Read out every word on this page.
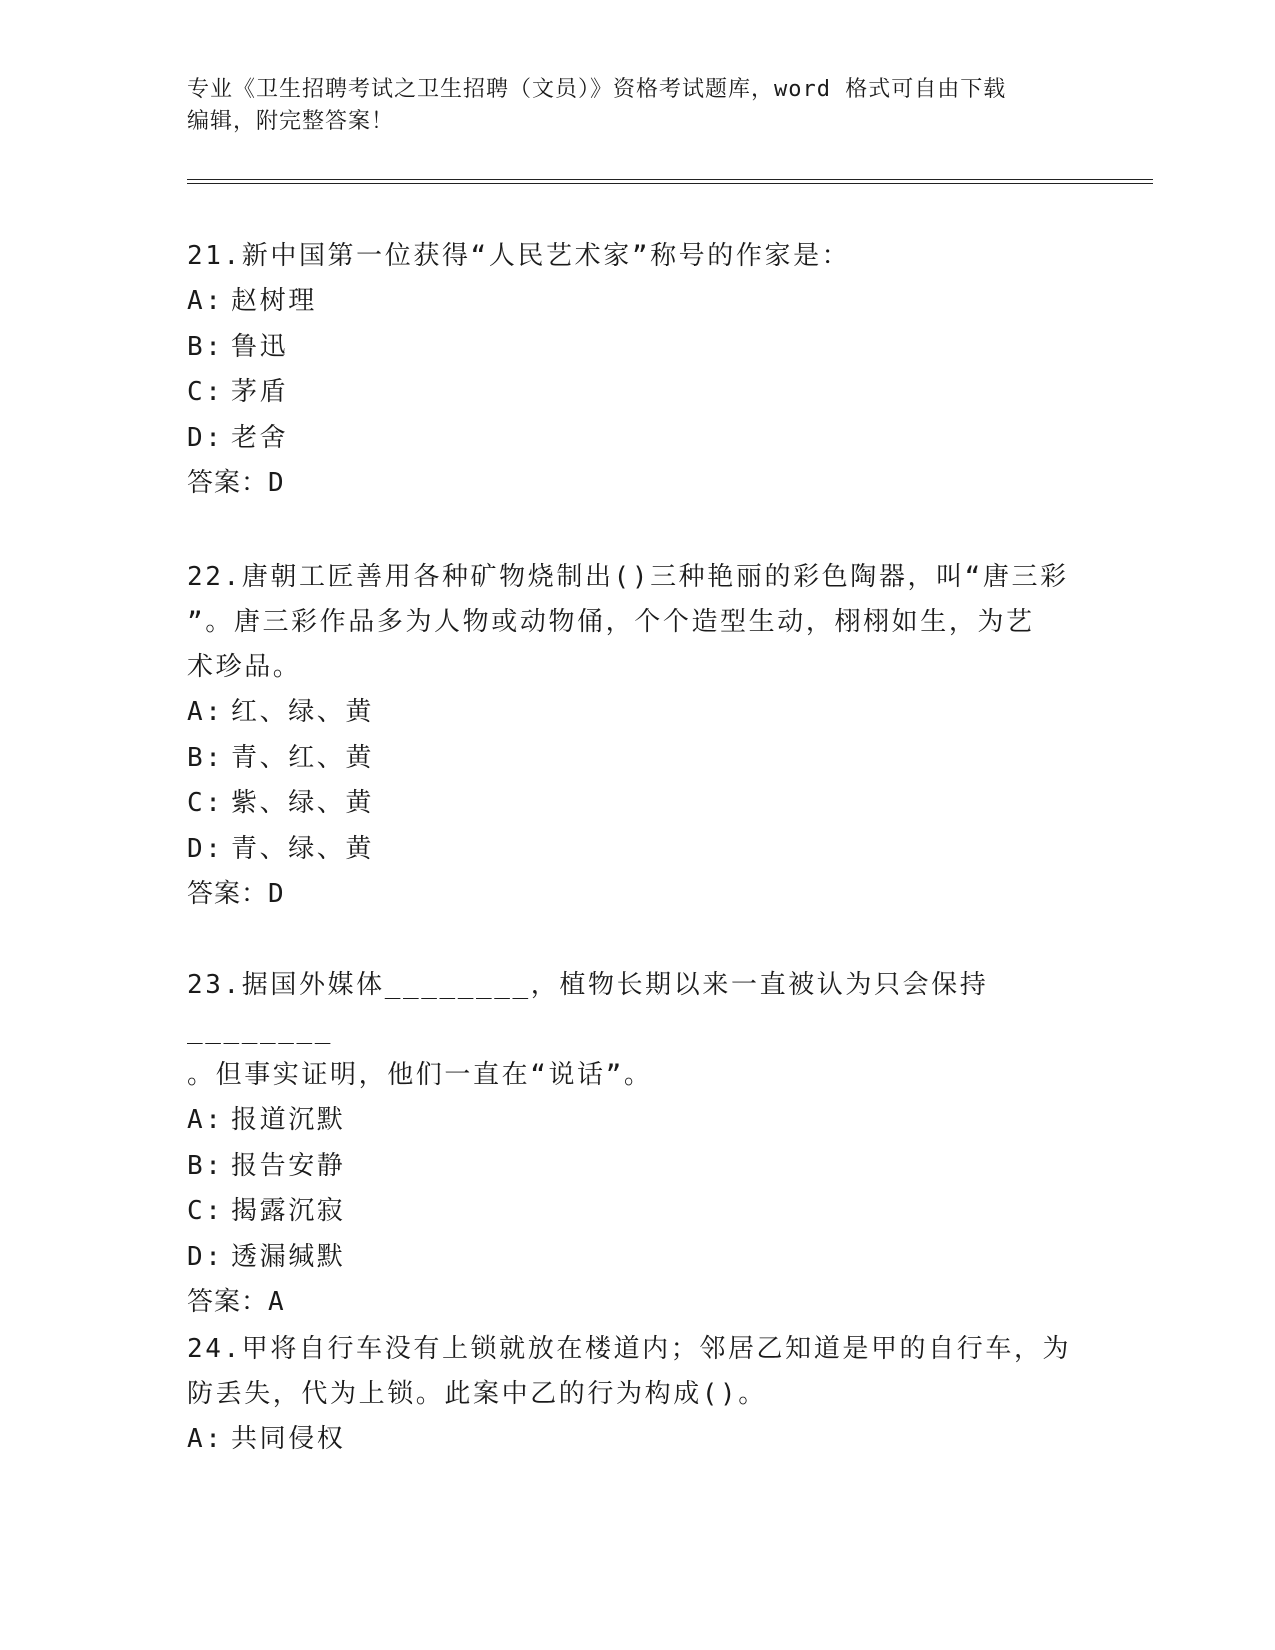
专业《卫生招聘考试之卫生招聘（文员）》资格考试题库，word 格式可自由下载
编辑，附完整答案！
21.新中国第一位获得“人民艺术家”称号的作家是：
A: 赵树理
B: 鲁迅
C: 茅盾
D: 老舍
答案：D
22.唐朝工匠善用各种矿物烧制出()三种艳丽的彩色陶器，叫“唐三彩
”。唐三彩作品多为人物或动物俑，个个造型生动，栩栩如生，为艺
术珍品。
A: 红、绿、黄
B: 青、红、黄
C: 紫、绿、黄
D: 青、绿、黄
答案：D
23.据国外媒体________，植物长期以来一直被认为只会保持________
。但事实证明，他们一直在“说话”。
A: 报道沉默
B: 报告安静
C: 揭露沉寂
D: 透漏缄默
答案：A
24.甲将自行车没有上锁就放在楼道内；邻居乙知道是甲的自行车，为
防丢失，代为上锁。此案中乙的行为构成()。
A: 共同侵权
